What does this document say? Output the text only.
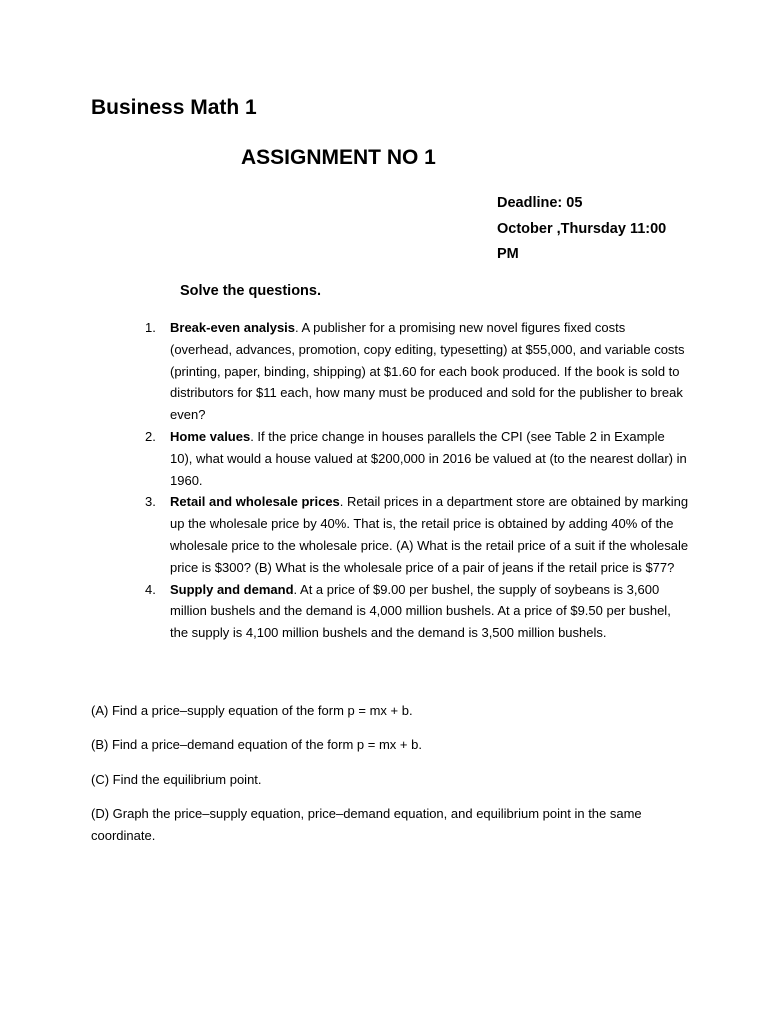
Business Math 1
ASSIGNMENT NO 1
Deadline: 05
October ,Thursday 11:00
PM
Solve the questions.
1. Break-even analysis. A publisher for a promising new novel figures fixed costs (overhead, advances, promotion, copy editing, typesetting) at $55,000, and variable costs (printing, paper, binding, shipping) at $1.60 for each book produced. If the book is sold to distributors for $11 each, how many must be produced and sold for the publisher to break even?
2. Home values. If the price change in houses parallels the CPI (see Table 2 in Example 10), what would a house valued at $200,000 in 2016 be valued at (to the nearest dollar) in 1960.
3. Retail and wholesale prices. Retail prices in a department store are obtained by marking up the wholesale price by 40%. That is, the retail price is obtained by adding 40% of the wholesale price to the wholesale price. (A) What is the retail price of a suit if the wholesale price is $300? (B) What is the wholesale price of a pair of jeans if the retail price is $77?
4. Supply and demand. At a price of $9.00 per bushel, the supply of soybeans is 3,600 million bushels and the demand is 4,000 million bushels. At a price of $9.50 per bushel, the supply is 4,100 million bushels and the demand is 3,500 million bushels.
(A) Find a price–supply equation of the form p = mx + b.
(B) Find a price–demand equation of the form p = mx + b.
(C) Find the equilibrium point.
(D) Graph the price–supply equation, price–demand equation, and equilibrium point in the same coordinate.
